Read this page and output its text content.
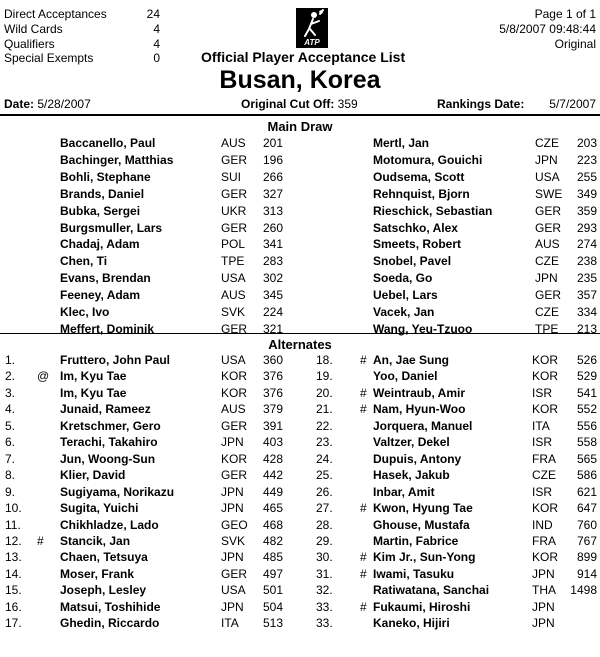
Direct Acceptances	24
Wild Cards	4
Qualifiers	4
Special Exempts	0
ATP
Page 1 of 1
5/8/2007 09:48:44
Original
Official Player Acceptance List
Busan, Korea
Date: 5/28/2007	Original Cut Off: 359	Rankings Date: 5/7/2007
Main Draw
Baccanello, Paul	AUS 201
Bachinger, Matthias	GER 196
Bohli, Stephane	SUI 266
Brands, Daniel	GER 327
Bubka, Sergei	UKR 313
Burgsmuller, Lars	GER 260
Chadaj, Adam	POL 341
Chen, Ti	TPE 283
Evans, Brendan	USA 302
Feeney, Adam	AUS 345
Klec, Ivo	SVK 224
Meffert, Dominik	GER 321
Mertl, Jan	CZE 203
Motomura, Gouichi	JPN 223
Oudsema, Scott	USA 255
Rehnquist, Bjorn	SWE 349
Rieschick, Sebastian	GER 359
Satschko, Alex	GER 293
Smeets, Robert	AUS 274
Snobel, Pavel	CZE 238
Soeda, Go	JPN 235
Uebel, Lars	GER 357
Vacek, Jan	CZE 334
Wang, Yeu-Tzuoo	TPE 213
Alternates
1.	Fruttero, John Paul	USA 360
2. @ Im, Kyu Tae	KOR 376
3.	Im, Kyu Tae	KOR 376
4.	Junaid, Rameez	AUS 379
5.	Kretschmer, Gero	GER 391
6.	Terachi, Takahiro	JPN 403
7.	Jun, Woong-Sun	KOR 428
8.	Klier, David	GER 442
9.	Sugiyama, Norikazu	JPN 449
10.	Sugita, Yuichi	JPN 465
11.	Chikhladze, Lado	GEO 468
12. # Stancik, Jan	SVK 482
13.	Chaen, Tetsuya	JPN 485
14.	Moser, Frank	GER 497
15.	Joseph, Lesley	USA 501
16.	Matsui, Toshihide	JPN 504
17.	Ghedin, Riccardo	ITA 513
18. # An, Jae Sung	KOR 526
19.	Yoo, Daniel	KOR 529
20. # Weintraub, Amir	ISR 541
21. # Nam, Hyun-Woo	KOR 552
22.	Jorquera, Manuel	ITA 556
23.	Valtzer, Dekel	ISR 558
24.	Dupuis, Antony	FRA 565
25.	Hasek, Jakub	CZE 586
26.	Inbar, Amit	ISR 621
27. # Kwon, Hyung Tae	KOR 647
28.	Ghouse, Mustafa	IND 760
29.	Martin, Fabrice	FRA 767
30. # Kim Jr., Sun-Yong	KOR 899
31. # Iwami, Tasuku	JPN 914
32.	Ratiwatana, Sanchai	THA 1498
33. # Fukaumi, Hiroshi	JPN
33.	Kaneko, Hijiri	JPN
